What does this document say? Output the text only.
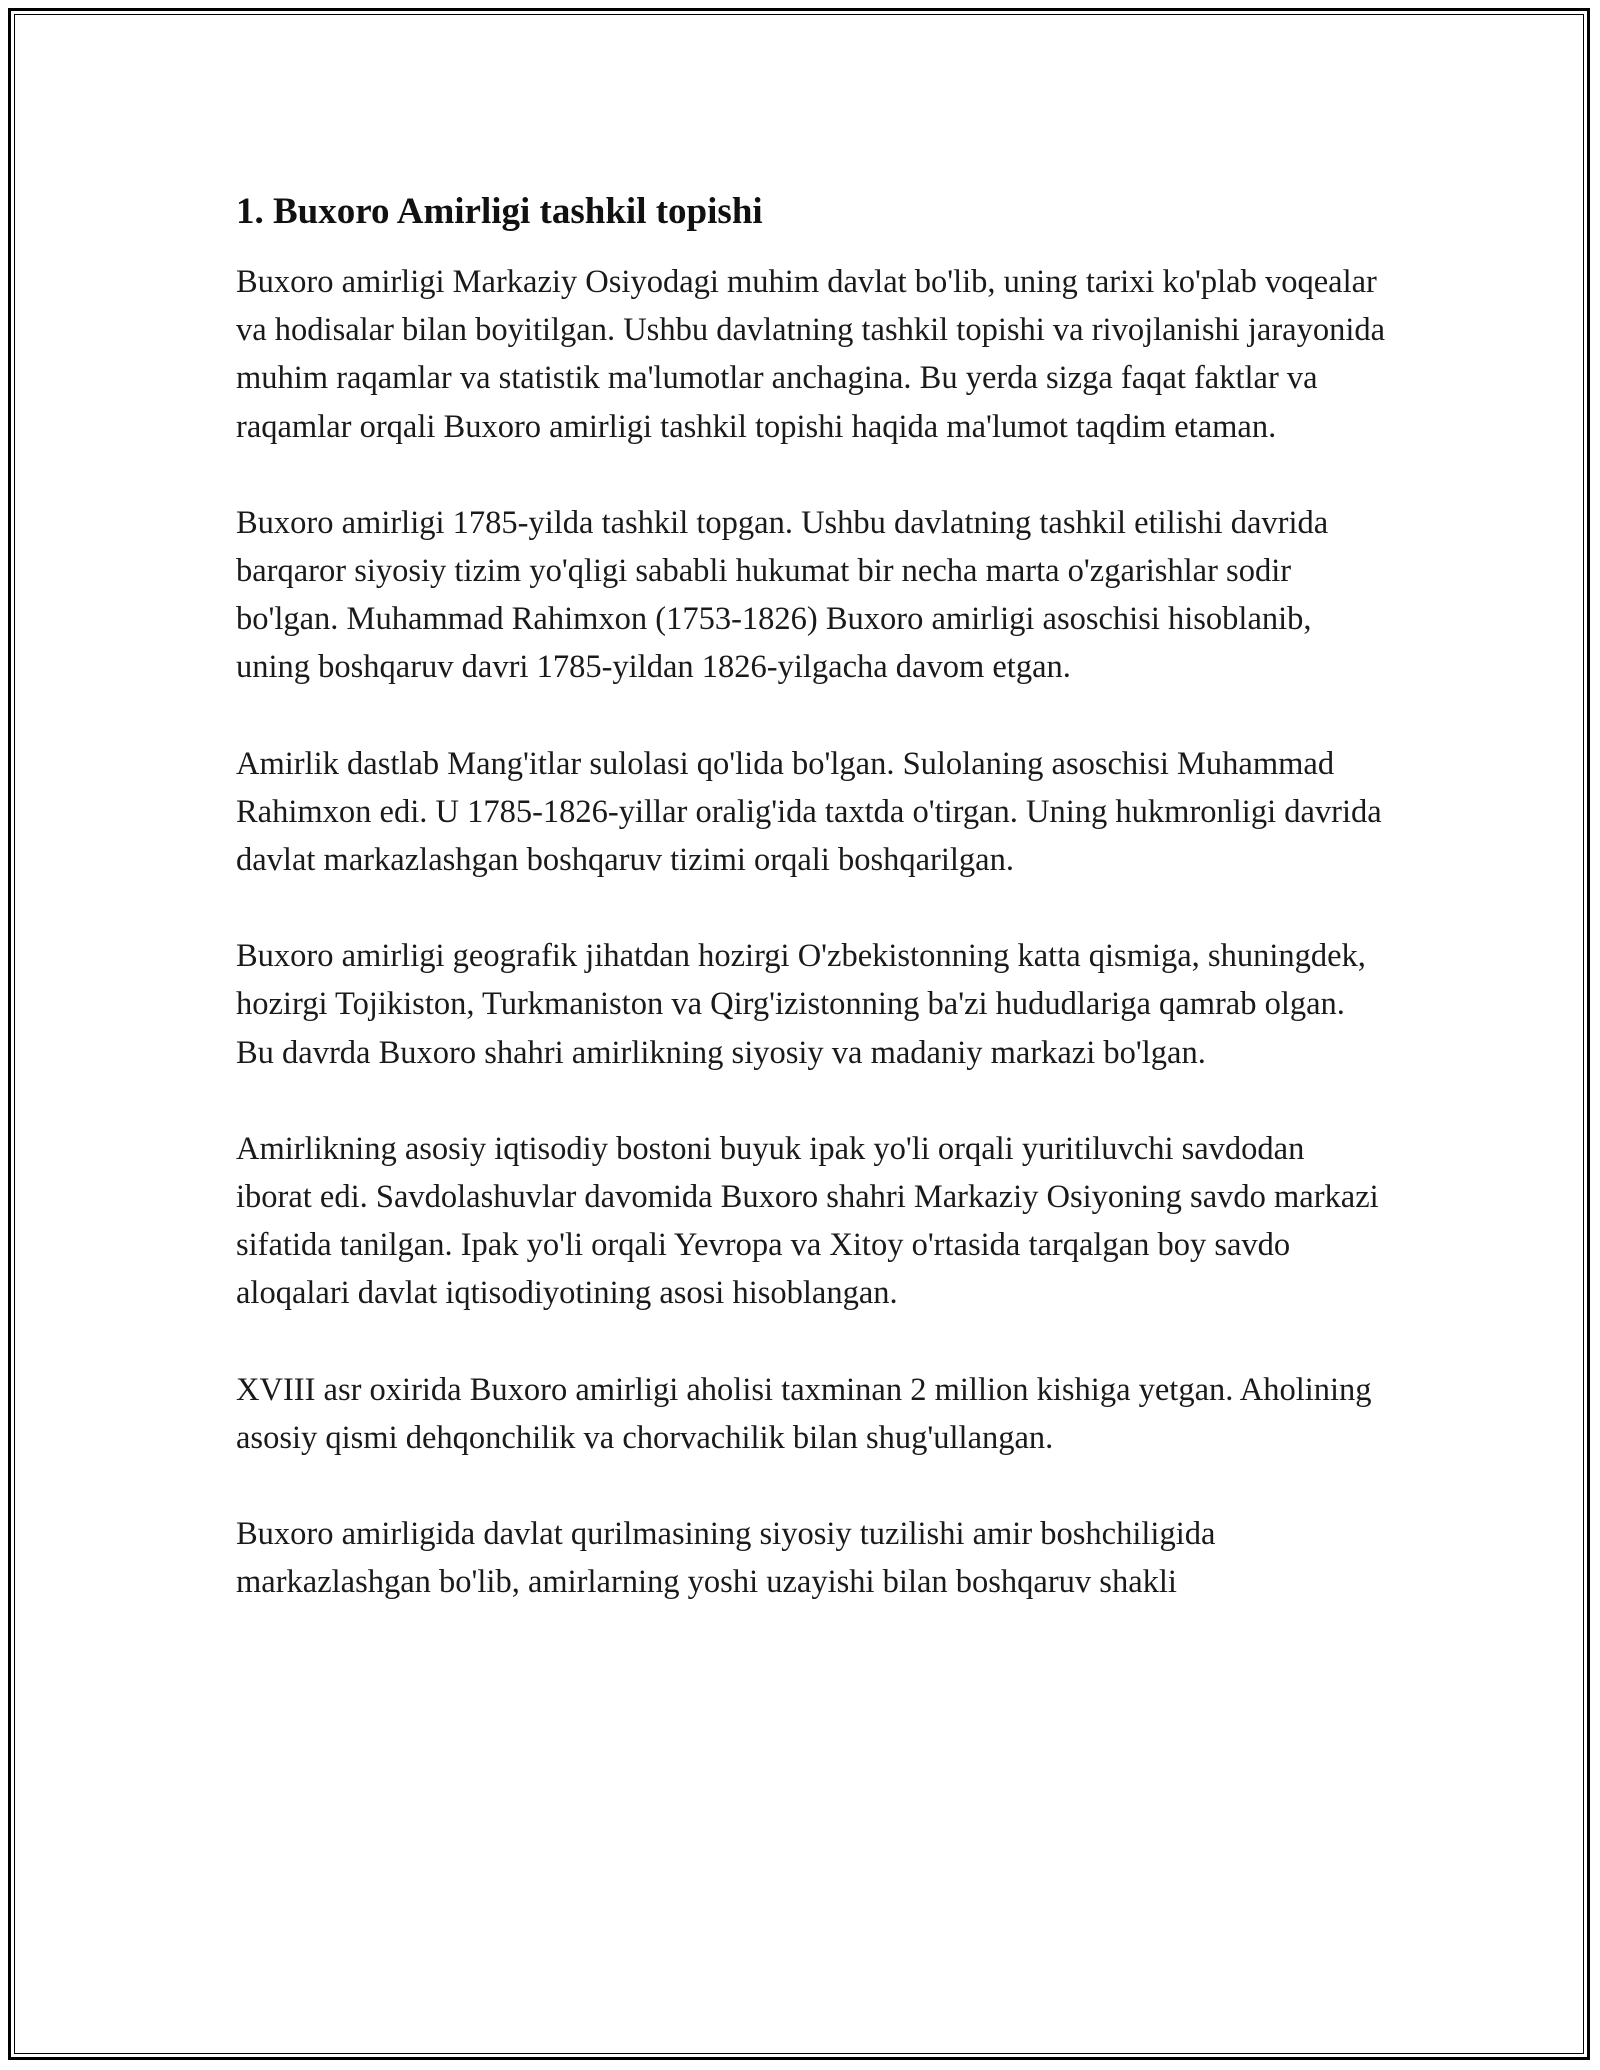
1. Buxoro Amirligi tashkil topishi

Buxoro amirligi Markaziy Osiyodagi muhim davlat bo'lib, uning tarixi ko'plab voqealar va hodisalar bilan boyitilgan. Ushbu davlatning tashkil topishi va rivojlanishi jarayonida muhim raqamlar va statistik ma'lumotlar anchagina. Bu yerda sizga faqat faktlar va raqamlar orqali Buxoro amirligi tashkil topishi haqida ma'lumot taqdim etaman.

Buxoro amirligi 1785-yilda tashkil topgan. Ushbu davlatning tashkil etilishi davrida barqaror siyosiy tizim yo'qligi sababli hukumat bir necha marta o'zgarishlar sodir bo'lgan. Muhammad Rahimxon (1753-1826) Buxoro amirligi asoschisi hisoblanib, uning boshqaruv davri 1785-yildan 1826-yilgacha davom etgan.

Amirlik dastlab Mang'itlar sulolasi qo'lida bo'lgan. Sulolaning asoschisi Muhammad Rahimxon edi. U 1785-1826-yillar oralig'ida taxtda o'tirgan. Uning hukmronligi davrida davlat markazlashgan boshqaruv tizimi orqali boshqarilgan.

Buxoro amirligi geografik jihatdan hozirgi O'zbekistonning katta qismiga, shuningdek, hozirgi Tojikiston, Turkmaniston va Qirg'izistonning ba'zi hududlariga qamrab olgan. Bu davrda Buxoro shahri amirlikning siyosiy va madaniy markazi bo'lgan.

Amirlikning asosiy iqtisodiy bostoni buyuk ipak yo'li orqali yuritiluvchi savdodan iborat edi. Savdolashuvlar davomida Buxoro shahri Markaziy Osiyoning savdo markazi sifatida tanilgan. Ipak yo'li orqali Yevropa va Xitoy o'rtasida tarqalgan boy savdo aloqalari davlat iqtisodiyotining asosi hisoblangan.

XVIII asr oxirida Buxoro amirligi aholisi taxminan 2 million kishiga yetgan. Aholining asosiy qismi dehqonchilik va chorvachilik bilan shug'ullangan.

Buxoro amirligida davlat qurilmasining siyosiy tuzilishi amir boshchiligida markazlashgan bo'lib, amirlarning yoshi uzayishi bilan boshqaruv shakli
